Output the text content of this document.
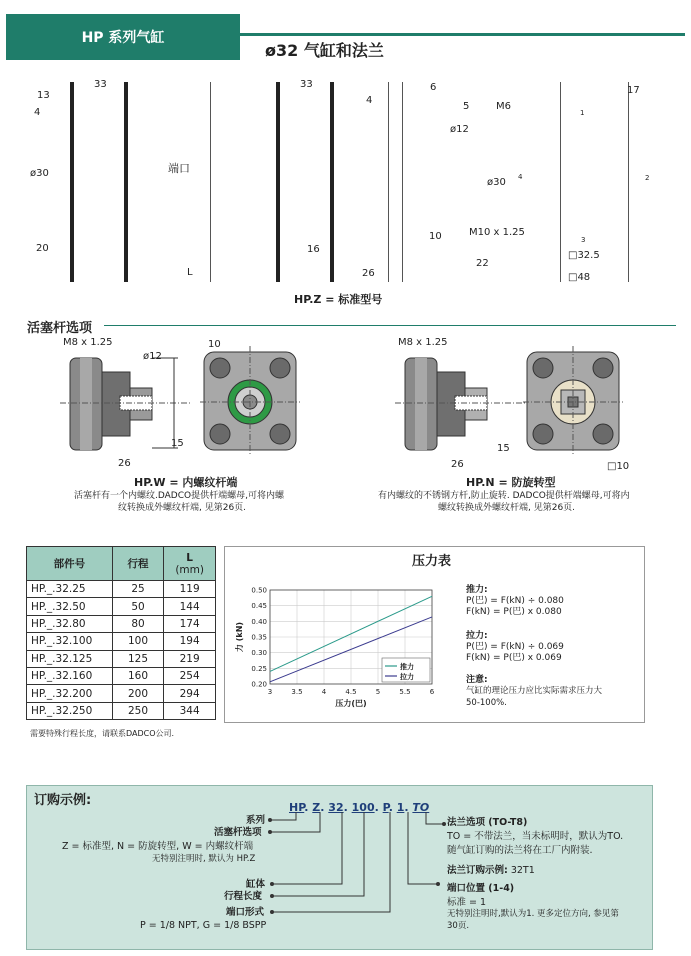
HP 系列气缸
ø32 气缸和法兰
13
4
33
ø30
20
端口
L
33
4
16
26
6
5	M6
ø12
ø30 4
10	M10 x 1.25
22
1
17
2
3
□32.5
□48
HP.Z = 标准型号
活塞杆选项
M8 x 1.25
ø12
15
26
10
HP.W = 内螺纹杆端
活塞杆有一个内螺纹.DADCO提供杆端螺母,可将内螺
纹转换成外螺纹杆端, 见第26页.
M8 x 1.25
15
26	□10
HP.N = 防旋转型
有内螺纹的不锈钢方杆,防止旋转. DADCO提供杆端螺母,可将内
螺纹转换成外螺纹杆端, 见第26页.
部件号	行程	L
(mm)

HP._.32.25	25	119
HP._.32.50	50	144
HP._.32.80	80	174
HP._.32.100	100	194
HP._.32.125	125	219
HP._.32.160	160	254
HP._.32.200	200	294
HP._.32.250	250	344
需要特殊行程长度，请联系DADCO公司.
压力表
3	3.5	4	4.5	5	5.5	6
0.20
0.25
0.30
0.35
0.40
0.45
0.50
压力(巴)
力 (kN)
推力
拉力
推力:
P(巴) = F(kN) ÷ 0.080
F(kN) = P(巴) x 0.080
拉力:
P(巴) = F(kN) ÷ 0.069
F(kN) = P(巴) x 0.069
注意:
气缸的理论压力应比实际需求压力大
50-100%.
订购示例:	HP. Z. 32. 100. P. 1. TO
系列
活塞杆选项
Z = 标准型, N = 防旋转型, W = 内螺纹杆端
无特别注明时, 默认为 HP.Z
缸体
行程长度
端口形式
P = 1/8 NPT, G = 1/8 BSPP
法兰选项 (TO-T8)
TO = 不带法兰，当未标明时，默认为TO.
随气缸订购的法兰将在工厂内附装.
法兰订购示例: 32T1
端口位置 (1-4)
标准 = 1
无特别注明时,默认为1. 更多定位方向, 参见第
30页.
